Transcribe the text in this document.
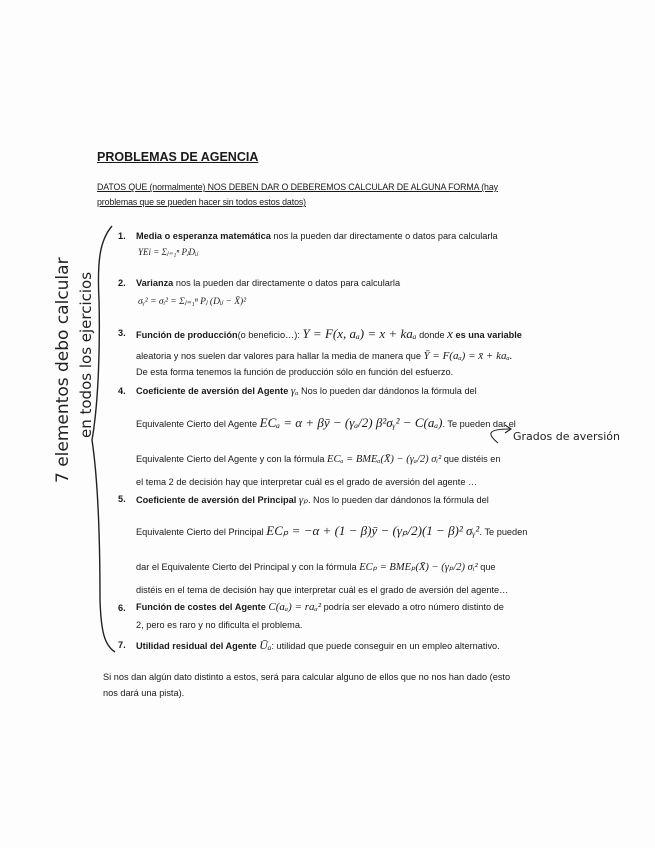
PROBLEMAS DE AGENCIA
DATOS QUE (normalmente) NOS DEBEN DAR O DEBEREMOS CALCULAR DE ALGUNA FORMA (hay
problemas que se pueden hacer sin todos estos datos)
1. Media o esperanza matemática nos la pueden dar directamente o datos para calcularla
YEi = Σⱼ₌₁ⁿ PⱼDᵢⱼ
2. Varianza nos la pueden dar directamente o datos para calcularla
σᵧ² = σᵢ² = Σⱼ₌₁ⁿ Pⱼ (Dᵢⱼ − X̄)²
3. Función de producción(o beneficio…): Y = F(x, aₐ) = x + kaₐ donde x es una variable
aleatoria y nos suelen dar valores para hallar la media de manera que Ȳ = F(aₐ) = x̄ + kaₐ.
De esta forma tenemos la función de producción sólo en función del esfuerzo.
4. Coeficiente de aversión del Agente γₐ Nos lo pueden dar dándonos la fórmula del
Equivalente Cierto del Agente ECₐ = α + βȳ − (γₐ/2) β²σᵧ² − C(aₐ). Te pueden dar el
Equivalente Cierto del Agente y con la fórmula ECₐ = BMEₐ(X̄) − (γₐ/2) σᵢ² que distéis en
el tema 2 de decisión hay que interpretar cuál es el grado de aversión del agente …
5. Coeficiente de aversión del Principal γₚ. Nos lo pueden dar dándonos la fórmula del
Equivalente Cierto del Principal ECₚ = −α + (1 − β)ȳ − (γₚ/2)(1 − β)² σᵧ². Te pueden
dar el Equivalente Cierto del Principal y con la fórmula ECₚ = BMEₚ(X̄) − (γₚ/2) σᵢ² que
distéis en el tema de decisión hay que interpretar cuál es el grado de aversión del agente…
6. Función de costes del Agente C(aₐ) = raₐ² podría ser elevado a otro número distinto de
2, pero es raro y no dificulta el problema.
7. Utilidad residual del Agente Ūₐ: utilidad que puede conseguir en un empleo alternativo.
Si nos dan algún dato distinto a estos, será para calcular alguno de ellos que no nos han dado (esto
nos dará una pista).
7 elementos debo calcular en todos los ejercicios	Grados de aversión
